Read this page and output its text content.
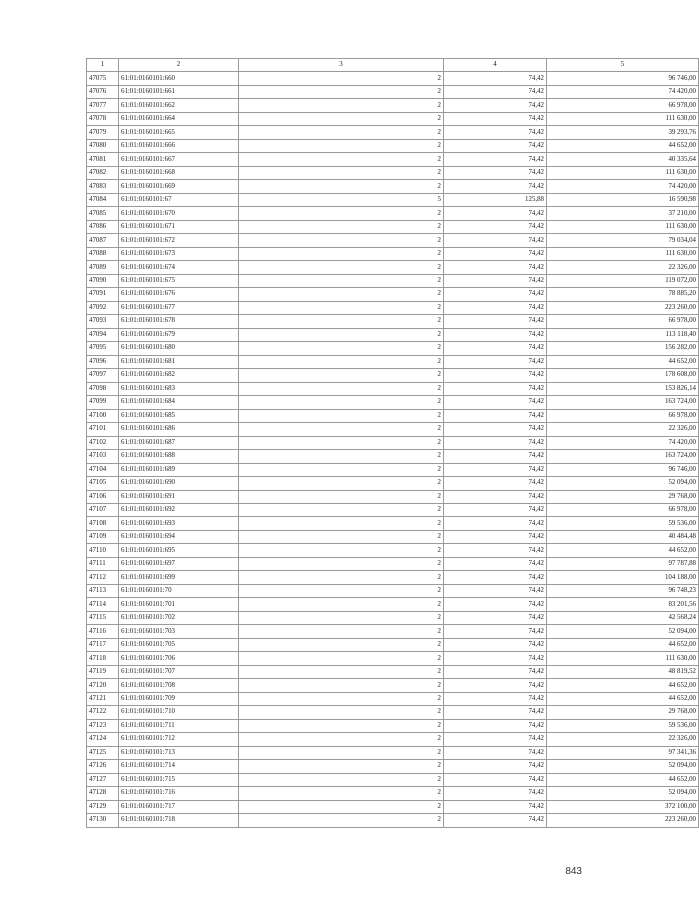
1	2	3	4	5
47075	61:01:0160101:660	2	74,42	96 746,00
47076	61:01:0160101:661	2	74,42	74 420,00
47077	61:01:0160101:662	2	74,42	66 978,00
47078	61:01:0160101:664	2	74,42	111 630,00
47079	61:01:0160101:665	2	74,42	39 293,76
47080	61:01:0160101:666	2	74,42	44 652,00
47081	61:01:0160101:667	2	74,42	40 335,64
47082	61:01:0160101:668	2	74,42	111 630,00
47083	61:01:0160101:669	2	74,42	74 420,00
47084	61:01:0160101:67	5	125,88	16 590,98
47085	61:01:0160101:670	2	74,42	37 210,00
47086	61:01:0160101:671	2	74,42	111 630,00
47087	61:01:0160101:672	2	74,42	79 034,04
47088	61:01:0160101:673	2	74,42	111 630,00
47089	61:01:0160101:674	2	74,42	22 326,00
47090	61:01:0160101:675	2	74,42	119 072,00
47091	61:01:0160101:676	2	74,42	78 885,20
47092	61:01:0160101:677	2	74,42	223 260,00
47093	61:01:0160101:678	2	74,42	66 978,00
47094	61:01:0160101:679	2	74,42	113 118,40
47095	61:01:0160101:680	2	74,42	156 282,00
47096	61:01:0160101:681	2	74,42	44 652,00
47097	61:01:0160101:682	2	74,42	178 608,00
47098	61:01:0160101:683	2	74,42	153 826,14
47099	61:01:0160101:684	2	74,42	163 724,00
47100	61:01:0160101:685	2	74,42	66 978,00
47101	61:01:0160101:686	2	74,42	22 326,00
47102	61:01:0160101:687	2	74,42	74 420,00
47103	61:01:0160101:688	2	74,42	163 724,00
47104	61:01:0160101:689	2	74,42	96 746,00
47105	61:01:0160101:690	2	74,42	52 094,00
47106	61:01:0160101:691	2	74,42	29 768,00
47107	61:01:0160101:692	2	74,42	66 978,00
47108	61:01:0160101:693	2	74,42	59 536,00
47109	61:01:0160101:694	2	74,42	40 484,48
47110	61:01:0160101:695	2	74,42	44 652,00
47111	61:01:0160101:697	2	74,42	97 787,88
47112	61:01:0160101:699	2	74,42	104 188,00
47113	61:01:0160101:70	2	74,42	96 748,23
47114	61:01:0160101:701	2	74,42	83 201,56
47115	61:01:0160101:702	2	74,42	42 568,24
47116	61:01:0160101:703	2	74,42	52 094,00
47117	61:01:0160101:705	2	74,42	44 652,00
47118	61:01:0160101:706	2	74,42	111 630,00
47119	61:01:0160101:707	2	74,42	48 819,52
47120	61:01:0160101:708	2	74,42	44 652,00
47121	61:01:0160101:709	2	74,42	44 652,00
47122	61:01:0160101:710	2	74,42	29 768,00
47123	61:01:0160101:711	2	74,42	59 536,00
47124	61:01:0160101:712	2	74,42	22 326,00
47125	61:01:0160101:713	2	74,42	97 341,36
47126	61:01:0160101:714	2	74,42	52 094,00
47127	61:01:0160101:715	2	74,42	44 652,00
47128	61:01:0160101:716	2	74,42	52 094,00
47129	61:01:0160101:717	2	74,42	372 100,00
47130	61:01:0160101:718	2	74,42	223 260,00
843
